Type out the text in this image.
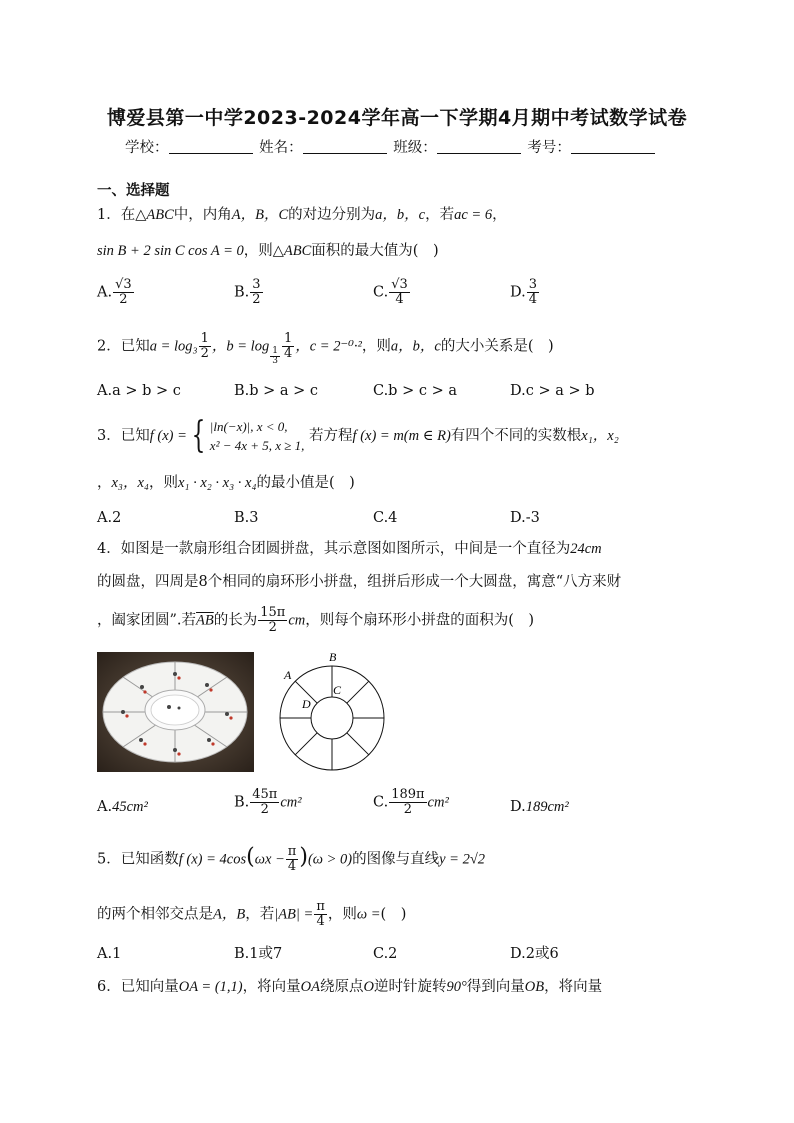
博爱县第一中学2023-2024学年高一下学期4月期中考试数学试卷
学校：	姓名：	班级：	考号：
一、选择题
1．在△ABC中，内角A，B，C的对边分别为a，b，c，若ac = 6，
sin B + 2 sin C cos A = 0，则△ABC面积的最大值为(　)
A. $\frac{√3}{2}$	B. $\frac{3}{2}$	C. $\frac{√3}{4}$	D. $\frac{3}{4}$
2．已知$a = \log_3 \frac{1}{2}$ ，$b = \log \frac{1}{3} \frac{1}{4}$ ，c = 2⁻⁰·²，则a，b，c的大小关系是(　)
A.a > b > c	B.b > a > c	C.b > c > a	D.c > a > b
3．已知f (x) = { |ln(−x)|, x < 0,
x² − 4x + 5, x ≥ 1,
若方程f (x) = m(m ∈ R)有四个不同的实数根x₁，x₂
，x₃，x₄，则x₁ · x₂ · x₃ · x₄的最小值是(　)
A.2	B.3	C.4	D.-3
4．如图是一款扇形组合团圆拼盘，其示意图如图所示，中间是一个直径为24cm
的圆盘，四周是8个相同的扇环形小拼盘，组拼后形成一个大圆盘，寓意“八方来财
，阖家团圆”.若$\overline{AB}$的长为 $\frac{15\pi}{2}$ cm，则每个扇环形小拼盘的面积为(　)
A
B
C
D
A.45cm²	B. $\frac{45\pi}{2} cm^2$	C. $\frac{189\pi}{2} cm^2$	D.189cm²
5．已知函数f $(x) = 4\cos(\omega x - \frac{\pi}{4} )(\omega > 0)$的图像与直线y = 2√2
的两个相邻交点是A，B，若$|AB| = \frac{\pi}{4}$ ，则ω =(　)
A.1	B.1或7	C.2	D.2或6
6．已知向量OA = (1,1)，将向量OA绕原点O逆时针旋转90°得到向量OB，将向量
